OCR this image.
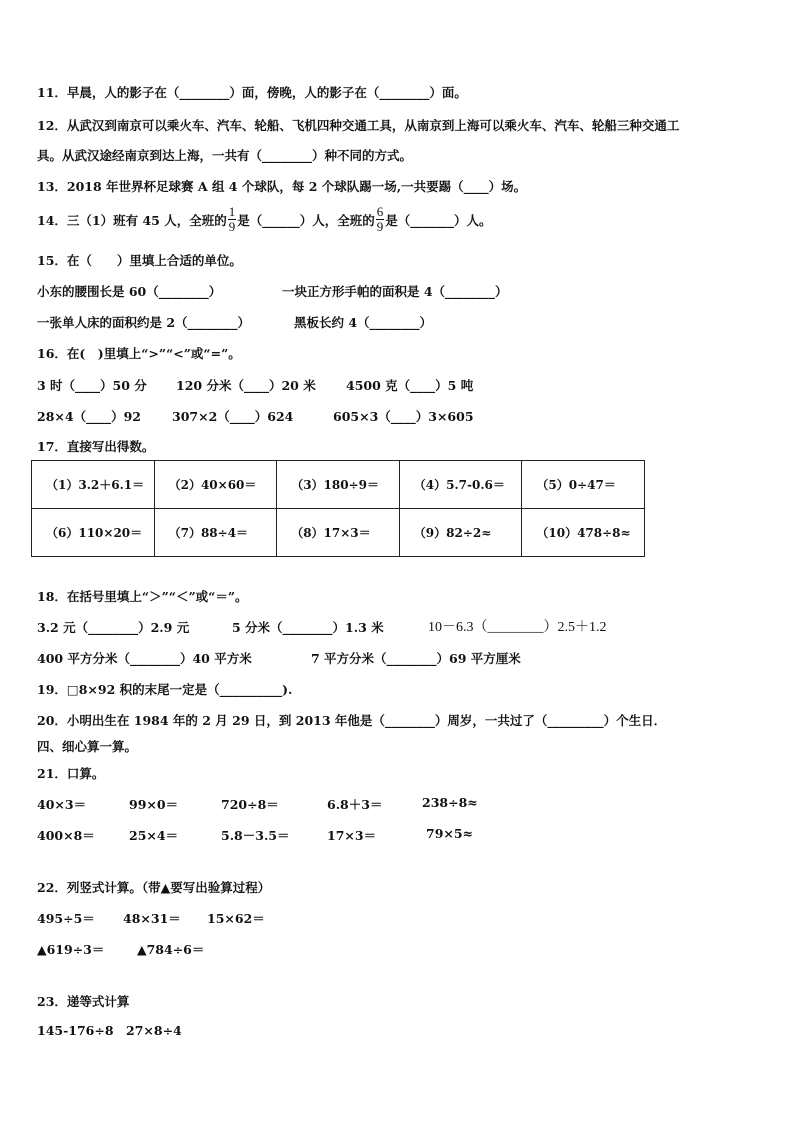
11．早晨，人的影子在（________）面，傍晚，人的影子在（________）面。
12．从武汉到南京可以乘火车、汽车、轮船、飞机四种交通工具，从南京到上海可以乘火车、汽车、轮船三种交通工
具。从武汉途经南京到达上海，一共有（________）种不同的方式。
13．2018 年世界杯足球赛 A 组 4 个球队，每 2 个球队踢一场,一共要踢（____）场。
14．三（1）班有 45 人，全班的 $\frac{1}{9}$ 是（______）人，全班的 $\frac{6}{9}$ 是（_______）人。
15．在（　　）里填上合适的单位。
小东的腰围长是 60（________）	一块正方形手帕的面积是 4（________）
一张单人床的面积约是 2（________）	黑板长约 4（________）
16．在(　)里填上“>”“<”或“=”。
3 时（____）50 分 120 分米（____）20 米 4500 克（____）5 吨
28×4（____）92 307×2（____）624	605×3（____）3×605
17．直接写出得数。
（1）3.2＋6.1＝	（2）40×60＝	（3）180÷9＝	（4）5.7-0.6＝	（5）0÷47＝
（6）110×20＝	（7）88÷4＝	（8）17×3＝	（9）82÷2≈	（10）478÷8≈
18．在括号里填上“＞”“＜”或“＝”。
3.2 元（________）2.9 元	5 分米（________）1.3 米	10－6.3（________）2.5＋1.2
400 平方分米（________）40 平方米	7 平方分米（________）69 平方厘米
19．□8×92 积的末尾一定是（__________).
20．小明出生在 1984 年的 2 月 29 日，到 2013 年他是（________）周岁，一共过了（_________）个生日．
四、细心算一算。
21．口算。
40×3＝	99×0＝	720÷8＝	6.8＋3＝	238÷8≈
400×8＝	25×4＝	5.8－3.5＝	17×3＝	79×5≈
22．列竖式计算。（带▲要写出验算过程）
495÷5＝ 48×31＝ 15×62＝
▲619÷3＝	▲784÷6＝
23．递等式计算
145-176÷8 27×8÷4
